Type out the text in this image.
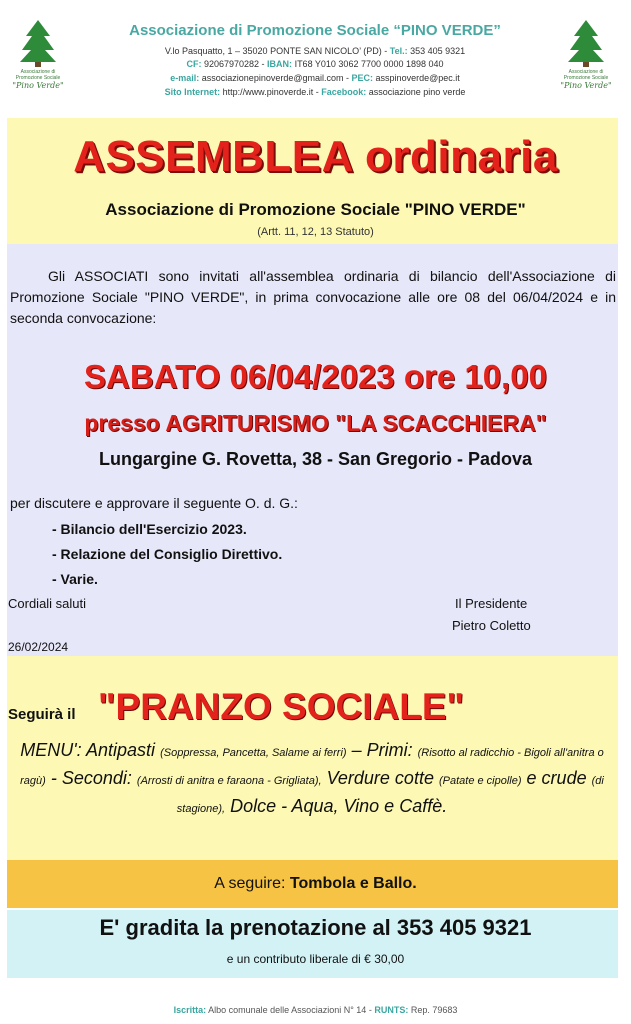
Associazione di Promozione Sociale
"Pino Verde"
Associazione di Promozione Sociale
"Pino Verde"
Associazione di Promozione Sociale “PINO VERDE”
V.lo Pasquatto, 1 – 35020 PONTE SAN NICOLO’ (PD) - Tel.: 353 405 9321
CF: 92067970282 - IBAN: IT68 Y010 3062 7700 0000 1898 040
e-mail: associazionepinoverde@gmail.com - PEC: asspinoverde@pec.it
Sito Internet: http://www.pinoverde.it - Facebook: associazione pino verde
ASSEMBLEA ordinaria
Associazione di Promozione Sociale "PINO VERDE"
(Artt. 11, 12, 13 Statuto)
Gli ASSOCIATI sono invitati all'assemblea ordinaria di bilancio dell'Associazione di Promozione Sociale "PINO VERDE", in prima convocazione alle ore 08 del 06/04/2024 e in seconda convocazione:
SABATO 06/04/2023 ore 10,00
presso AGRITURISMO "LA SCACCHIERA"
Lungargine G. Rovetta, 38 - San Gregorio - Padova
per discutere e approvare il seguente O. d. G.:
- Bilancio dell'Esercizio 2023.
- Relazione del Consiglio Direttivo.
- Varie.
Cordiali saluti	Il Presidente
Pietro Coletto
26/02/2024
Seguirà il "PRANZO SOCIALE"
MENU': Antipasti (Soppressa, Pancetta, Salame ai ferri) – Primi: (Risotto al radicchio - Bigoli all'anitra o ragù) - Secondi: (Arrosti di anitra e faraona - Grigliata), Verdure cotte (Patate e cipolle) e crude (di stagione), Dolce - Aqua, Vino e Caffè.
A seguire: Tombola e Ballo.
E' gradita la prenotazione al 353 405 9321
e un contributo liberale di € 30,00
Iscritta: Albo comunale delle Associazioni N° 14 - RUNTS: Rep. 79683
